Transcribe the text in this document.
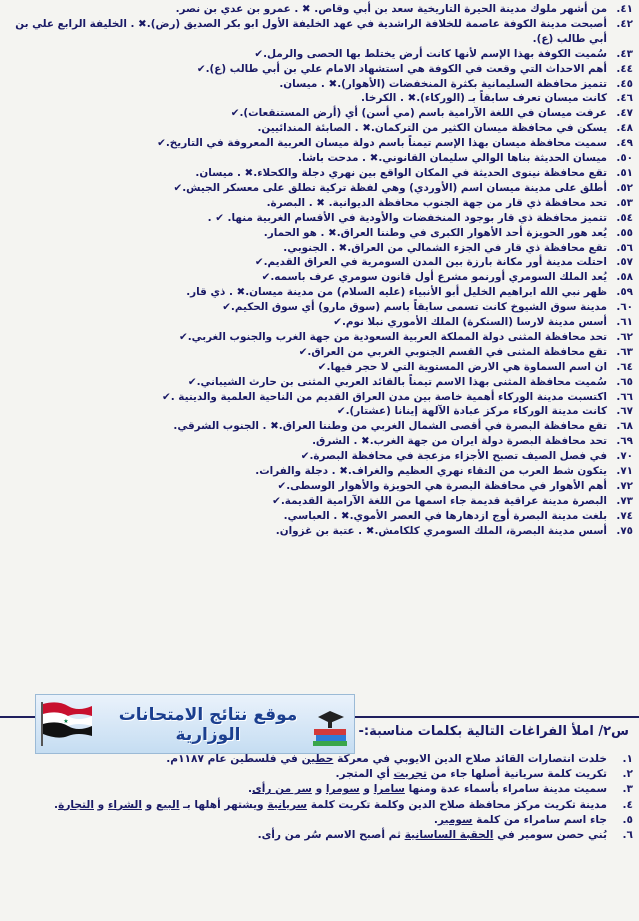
٤١.
من أشهر ملوك مدينة الحيرة التاريخية سعد بن أبي وقاص. ✖ . عمرو بن عدي بن نصر.
٤٢.
أصبحت مدينة الكوفة عاصمة للخلافة الراشدية في عهد الخليفة الأول ابو بكر الصديق (رض).✖ . الخليفة الرابع علي بن أبي طالب (ع).
٤٣.
سُميت الكوفة بهذا الإسم لأنها كانت أرض يختلط بها الحصى والرمل.✔
٤٤.
أهم الاحداث التي وقعت في الكوفة هي استشهاد الامام علي بن أبي طالب (ع).✔
٤٥.
تتميز محافظة السليمانية بكثرة المنخفضات (الأهوار).✖ . ميسان.
٤٦.
كانت ميسان تعرف سابقاً بـ (الوركاء).✖ . الكرخا.
٤٧.
عرفت ميسان في اللغة الآرامية باسم (مي أسن) أي (أرض المستنقعات).✔
٤٨.
يسكن في محافظة ميسان الكثير من التركمان.✖ . الصابئة المندائيين.
٤٩.
سميت محافظة ميسان بهذا الإسم تيمناً باسم دولة ميسان العربية المعروفة في التاريخ.✔
٥٠.
ميسان الحديثة بناها الوالي سليمان القانوني.✖ . مدحت باشا.
٥١.
تقع محافظة نينوى الحديثة في المكان الواقع بين نهري دجلة والكحلاء.✖ . ميسان.
٥٢.
أطلق على مدينة ميسان اسم (الأوردي) وهي لفظة تركية تطلق على معسكر الجيش.✔
٥٣.
تحد محافظة ذي قار من جهة الجنوب محافظة الديوانية. ✖ . البصرة.
٥٤.
تتميز محافظة ذي قار بوجود المنخفضات والأودية في الأقسام الغربية منها. ✔ .
٥٥.
يُعد هور الحويزة أحد الأهوار الكبرى في وطننا العراق.✖ . هو الحمار.
٥٦.
تقع محافظة ذي قار في الجزء الشمالي من العراق.✖ . الجنوبي.
٥٧.
احتلت مدينة أور مكانة بارزة بين المدن السومرية في العراق القديم.✔
٥٨.
يُعد الملك السومري أورنمو مشرع أول قانون سومري عرف باسمه.✔
٥٩.
ظهر نبي الله ابراهيم الخليل أبو الأنبياء (عليه السلام) من مدينة ميسان.✖ . ذي قار.
٦٠.
مدينة سوق الشيوخ كانت تسمى سابقاً باسم (سوق مارو) أي سوق الحكيم.✔
٦١.
أسس مدينة لارسا (السنكرة) الملك الأموري نبلا نوم.✔
٦٢.
تحد محافظة المثنى دولة المملكة العربية السعودية من جهة الغرب والجنوب الغربي.✔
٦٣.
تقع محافظة المثنى في القسم الجنوبي الغربي من العراق.✔
٦٤.
ان اسم السماوة هي الارض المستوية التي لا حجر فيها.✔
٦٥.
سُميت محافظة المثنى بهذا الاسم تيمناً بالقائد العربي المثنى بن حارث الشيباني.✔
٦٦.
اكتسبت مدينة الوركاء أهمية خاصة بين مدن العراق القديم من الناحية العلمية والدينية .✔
٦٧.
كانت مدينة الوركاء مركز عبادة الآلهة إينانا (عشتار).✔
٦٨.
تقع محافظة البصرة في أقصى الشمال الغربي من وطننا العراق.✖ . الجنوب الشرقي.
٦٩.
تحد محافظة البصرة دولة ايران من جهة الغرب.✖ . الشرق.
٧٠.
في فصل الصيف تصبح الأجزاء مزعجة في محافظة البصرة.✔
٧١.
يتكون شط العرب من التقاء نهري العظيم والغراف.✖ . دجلة والفرات.
٧٢.
أهم الأهوار في محافظة البصرة هي الحويزة والأهوار الوسطى.✔
٧٣.
البصرة مدينة عراقية قديمة جاء اسمها من اللغة الآرامية القديمة.✔
٧٤.
بلغت مدينة البصرة أوج ازدهارها في العصر الأموي.✖ . العباسي.
٧٥.
أسس مدينة البصرة، الملك السومري كلكامش.✖ . عتبة بن غزوان.
★	موقع نتائج الامتحانات الوزارية	س٢/ املأ الفراغات التالية بكلمات مناسبة:-
١.
خلدت انتصارات القائد صلاح الدين الايوبي في معركة حطين في فلسطين عام ١١٨٧م.
٢.
تكريت كلمة سريانية أصلها جاء من تجريت أي المتجر.
٣.
سميت مدينة سامراء بأسماء عدة ومنها سامرا و سومرا و سر من رأى.
٤.
مدينة تكريت مركز محافظة صلاح الدين وكلمة تكريت كلمة سريانية ويشتهر أهلها بـ البيع و الشراء و التجارة.
٥.
جاء اسم سامراء من كلمة سومير.
٦.
بُني حصن سومير في الحقبة الساسانية ثم أصبح الاسم سُر من رأى.
